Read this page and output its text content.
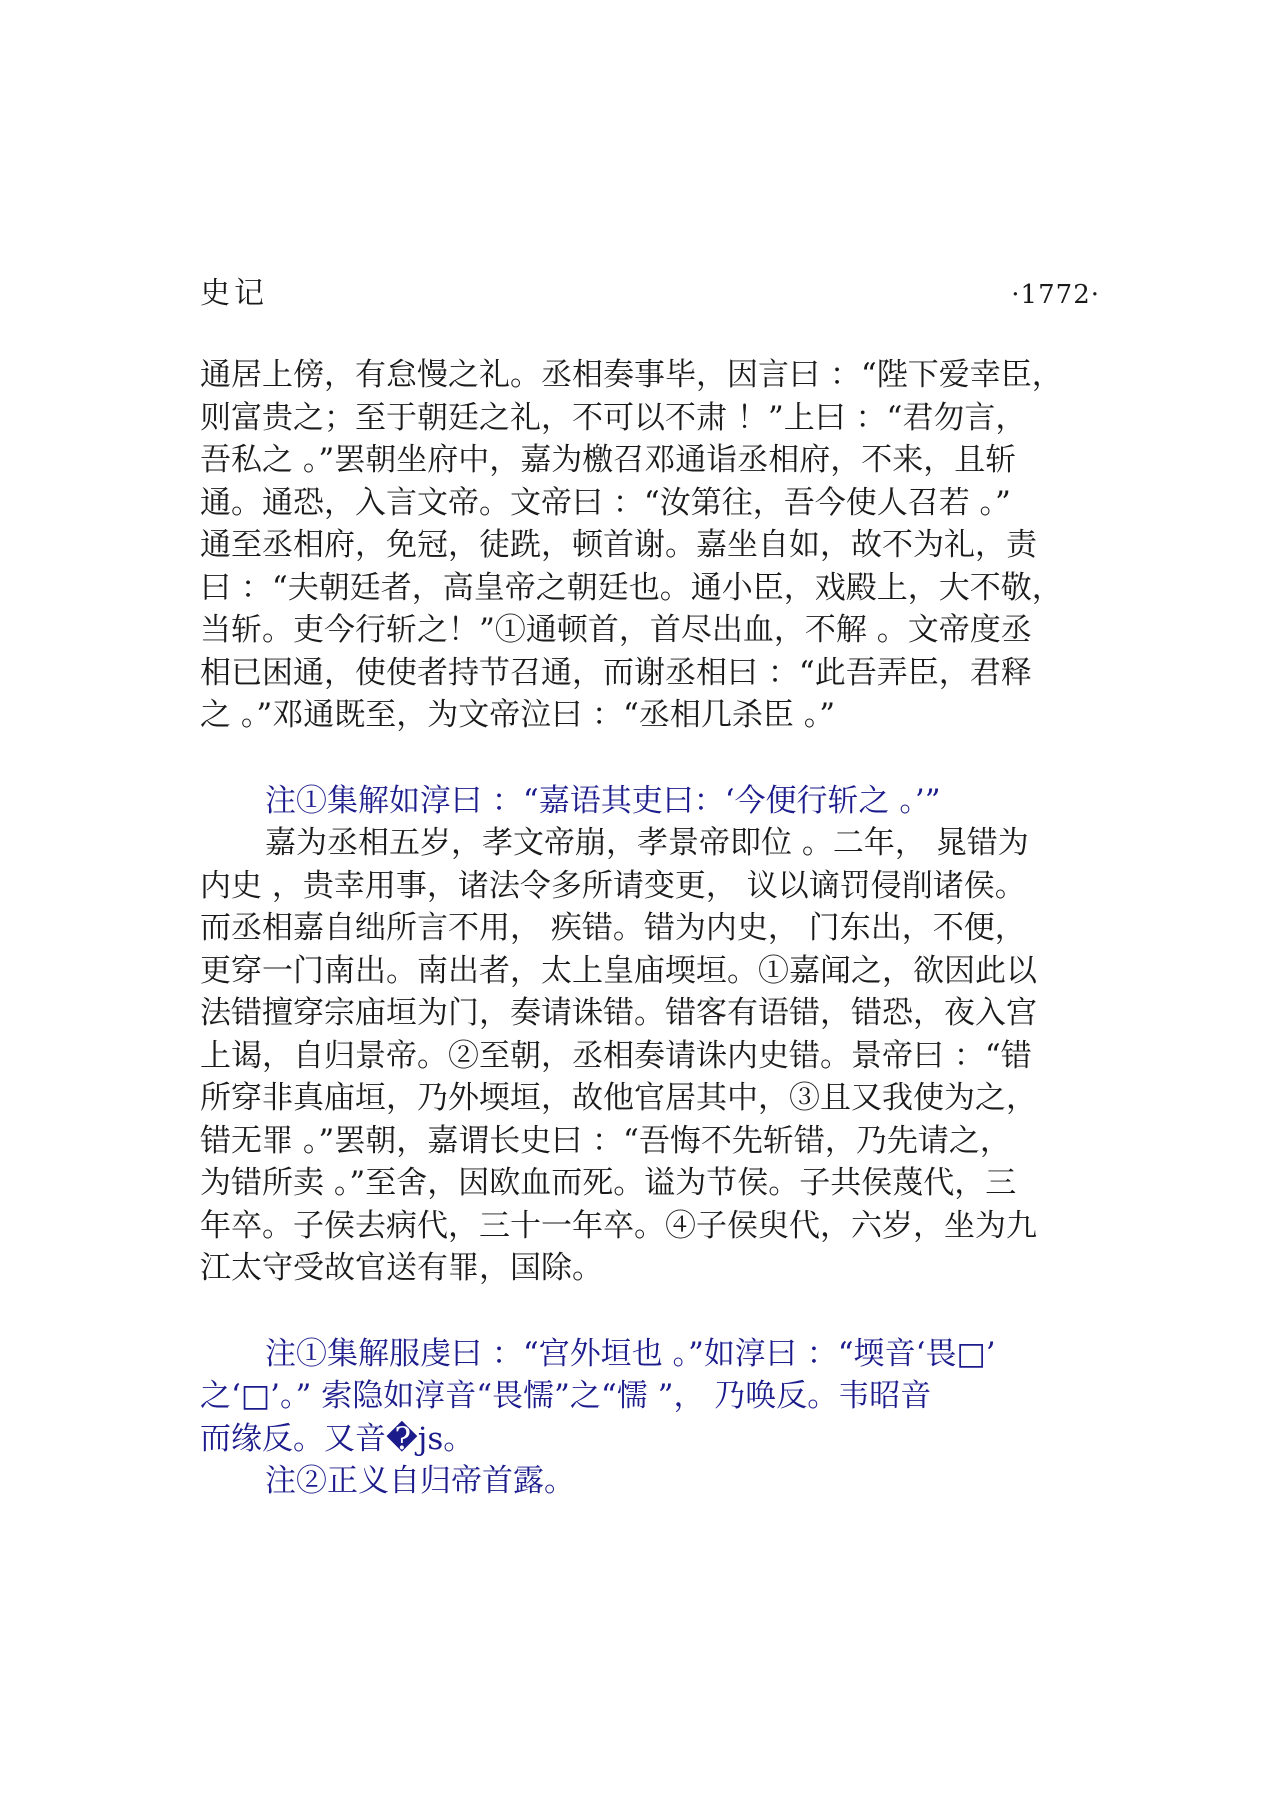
史记	·1772·
通居上傍，有怠慢之礼。丞相奏事毕，因言曰 ：“陛下爱幸臣，
则富贵之；至于朝廷之礼，不可以不肃 ！”上曰 ：“君勿言，
吾私之 。”罢朝坐府中，嘉为檄召邓通诣丞相府，不来，且斩
通。通恐，入言文帝。文帝曰 ：“汝第往，吾今使人召若 。”
通至丞相府，免冠，徒跣，顿首谢。嘉坐自如，故不为礼，责
曰 ：“夫朝廷者，高皇帝之朝廷也。通小臣，戏殿上，大不敬，
当斩。吏今行斩之！”①通顿首，首尽出血，不解 。文帝度丞
相已困通，使使者持节召通，而谢丞相曰 ：“此吾弄臣，君释
之 。”邓通既至，为文帝泣曰 ：“丞相几杀臣 。”
注①集解如淳曰 ：“嘉语其吏曰：‘今便行斩之 。’”
嘉为丞相五岁，孝文帝崩，孝景帝即位 。二年， 晁错为
内史 ，贵幸用事，诸法令多所请变更， 议以谪罚侵削诸侯。
而丞相嘉自绌所言不用， 疾错。错为内史， 门东出，不便，
更穿一门南出。南出者，太上皇庙堧垣。①嘉闻之，欲因此以
法错擅穿宗庙垣为门，奏请诛错。错客有语错，错恐，夜入宫
上谒，自归景帝。②至朝，丞相奏请诛内史错。景帝曰 ：“错
所穿非真庙垣，乃外堧垣，故他官居其中，③且又我使为之，
错无罪 。”罢朝，嘉谓长史曰 ：“吾悔不先斩错，乃先请之，
为错所卖 。”至舍，因欧血而死。谥为节侯。子共侯蔑代，三
年卒。子侯去病代，三十一年卒。④子侯臾代，六岁，坐为九
江太守受故官送有罪，国除。
注①集解服虔曰 ：“宫外垣也 。”如淳曰 ：“堧音‘畏□’
之‘□’。” 索隐如淳音“畏懦”之“懦 ”， 乃唤反。韦昭音
而缘反。又音�js。
注②正义自归帝首露。
